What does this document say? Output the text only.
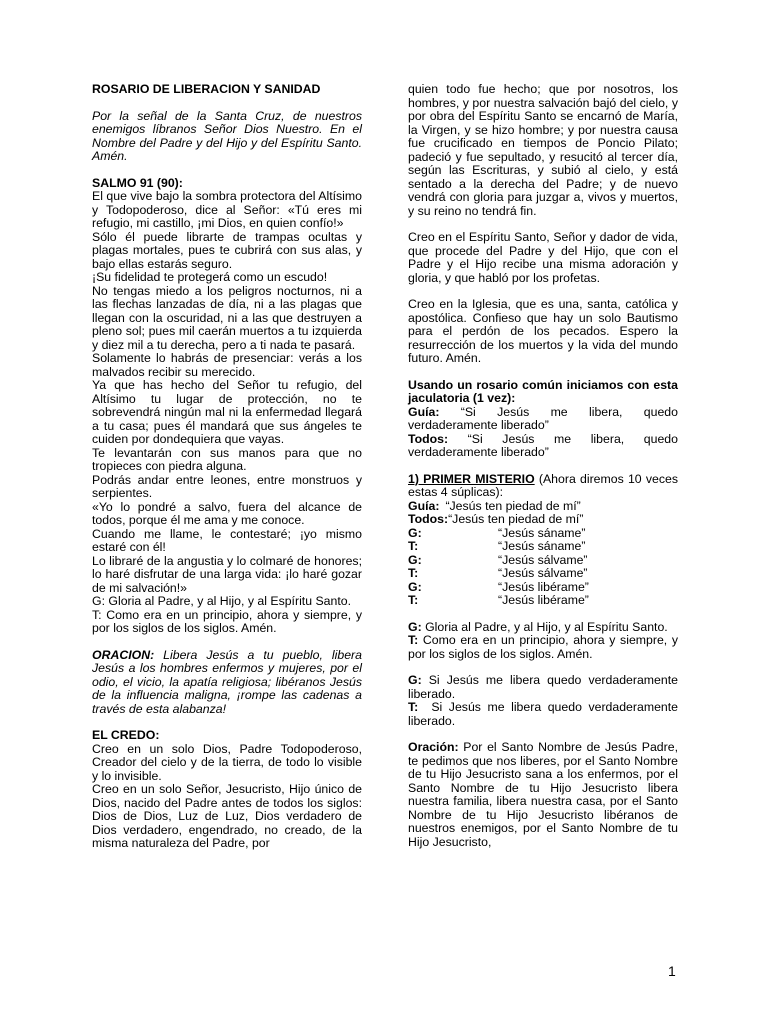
ROSARIO DE LIBERACION Y SANIDAD

Por la señal de la Santa Cruz, de nuestros enemigos líbranos Señor Dios Nuestro. En el Nombre del Padre y del Hijo y del Espíritu Santo. Amén.

SALMO 91 (90):

El que vive bajo la sombra protectora del Altísimo y Todopoderoso, dice al Señor: «Tú eres mi refugio, mi castillo, ¡mi Dios, en quien confío!»

Sólo él puede librarte de trampas ocultas y plagas mortales, pues te cubrirá con sus alas, y bajo ellas estarás seguro.

¡Su fidelidad te protegerá como un escudo!

No tengas miedo a los peligros nocturnos, ni a las flechas lanzadas de día, ni a las plagas que llegan con la oscuridad, ni a las que destruyen a pleno sol; pues mil caerán muertos a tu izquierda y diez mil a tu derecha, pero a ti nada te pasará.

Solamente lo habrás de presenciar: verás a los malvados recibir su merecido.

Ya que has hecho del Señor tu refugio, del Altísimo tu lugar de protección, no te sobrevendrá ningún mal ni la enfermedad llegará a tu casa; pues él mandará que sus ángeles te cuiden por dondequiera que vayas.

Te levantarán con sus manos para que no tropieces con piedra alguna.

Podrás andar entre leones, entre monstruos y serpientes.

«Yo lo pondré a salvo, fuera del alcance de todos, porque él me ama y me conoce.

Cuando me llame, le contestaré; ¡yo mismo estaré con él!

Lo libraré de la angustia y lo colmaré de honores; lo haré disfrutar de una larga vida: ¡lo haré gozar de mi salvación!»

G: Gloria al Padre, y al Hijo, y al Espíritu Santo.

T: Como era en un principio, ahora y siempre, y por los siglos de los siglos. Amén.

ORACION: Libera Jesús a tu pueblo, libera Jesús a los hombres enfermos y mujeres, por el odio, el vicio, la apatía religiosa; libéranos Jesús de la influencia maligna, ¡rompe las cadenas a través de esta alabanza!

EL CREDO:

Creo en un solo Dios, Padre Todopoderoso, Creador del cielo y de la tierra, de todo lo visible y lo invisible.

Creo en un solo Señor, Jesucristo, Hijo único de Dios, nacido del Padre antes de todos los siglos: Dios de Dios, Luz de Luz, Dios verdadero de Dios verdadero, engendrado, no creado, de la misma naturaleza del Padre, por

quien todo fue hecho; que por nosotros, los hombres, y por nuestra salvación bajó del cielo, y por obra del Espíritu Santo se encarnó de María, la Virgen, y se hizo hombre; y por nuestra causa fue crucificado en tiempos de Poncio Pilato; padeció y fue sepultado, y resucitó al tercer día, según las Escrituras, y subió al cielo, y está sentado a la derecha del Padre; y de nuevo vendrá con gloria para juzgar a, vivos y muertos, y su reino no tendrá fin.

Creo en el Espíritu Santo, Señor y dador de vida, que procede del Padre y del Hijo, que con el Padre y el Hijo recibe una misma adoración y gloria, y que habló por los profetas.

Creo en la Iglesia, que es una, santa, católica y apostólica. Confieso que hay un solo Bautismo para el perdón de los pecados. Espero la resurrección de los muertos y la vida del mundo futuro. Amén.

Usando un rosario común iniciamos con esta jaculatoria (1 vez):

Guía: “Si Jesús me libera, quedo verdaderamente liberado”

Todos: “Si Jesús me libera, quedo verdaderamente liberado”

1) PRIMER MISTERIO (Ahora diremos 10 veces estas 4 súplicas):

Guía: “Jesús ten piedad de mí”
Todos:“Jesús ten piedad de mí”
G:	“Jesús sáname”
T:	“Jesús sáname”
G:	“Jesús sálvame”
T:	“Jesús sálvame”
G:	“Jesús libérame”
T:	“Jesús libérame”

G: Gloria al Padre, y al Hijo, y al Espíritu Santo.

T: Como era en un principio, ahora y siempre, y por los siglos de los siglos. Amén.

G: Si Jesús me libera quedo verdaderamente liberado.

T:  Si Jesús me libera quedo verdaderamente liberado.

Oración: Por el Santo Nombre de Jesús Padre, te pedimos que nos liberes, por el Santo Nombre de tu Hijo Jesucristo sana a los enfermos, por el Santo Nombre de tu Hijo Jesucristo libera nuestra familia, libera nuestra casa, por el Santo Nombre de tu Hijo Jesucristo libéranos de nuestros enemigos, por el Santo Nombre de tu Hijo Jesucristo,

1
